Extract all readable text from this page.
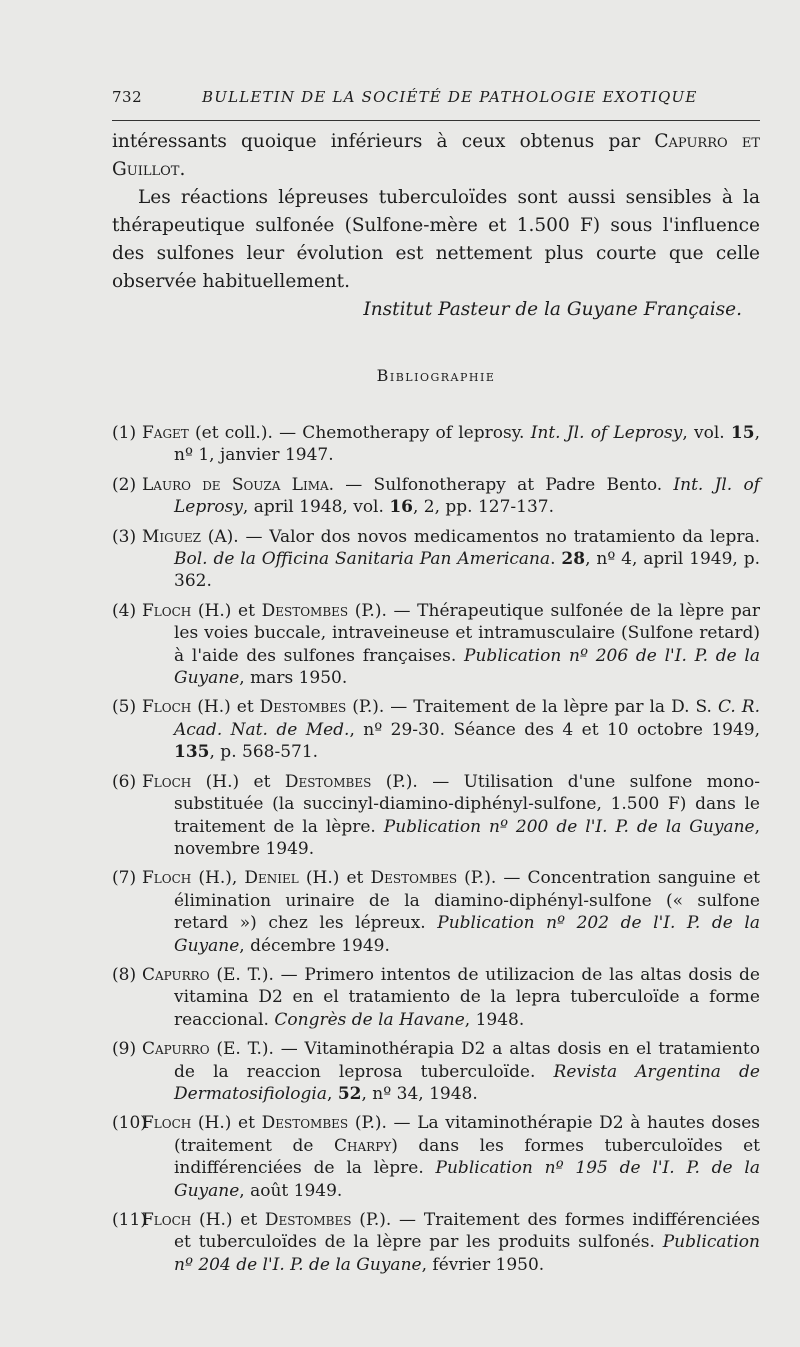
732	BULLETIN DE LA SOCIÉTÉ DE PATHOLOGIE EXOTIQUE

intéressants quoique inférieurs à ceux obtenus par Capurro et Guillot.

Les réactions lépreuses tuberculoïdes sont aussi sensibles à la thérapeutique sulfonée (Sulfone-mère et 1.500 F) sous l'influence des sulfones leur évolution est nettement plus courte que celle observée habituellement.

Institut Pasteur de la Guyane Française.

Bibliographie
(1) Faget (et coll.). — Chemotherapy of leprosy. Int. Jl. of Leprosy, vol. 15, nº 1, janvier 1947.
(2) Lauro de Souza Lima. — Sulfonotherapy at Padre Bento. Int. Jl. of Leprosy, april 1948, vol. 16, 2, pp. 127-137.
(3) Miguez (A). — Valor dos novos medicamentos no tratamiento da lepra. Bol. de la Officina Sanitaria Pan Americana. 28, nº 4, april 1949, p. 362.
(4) Floch (H.) et Destombes (P.). — Thérapeutique sulfonée de la lèpre par les voies buccale, intraveineuse et intramusculaire (Sulfone retard) à l'aide des sulfones françaises. Publication nº 206 de l'I. P. de la Guyane, mars 1950.
(5) Floch (H.) et Destombes (P.). — Traitement de la lèpre par la D. S. C. R. Acad. Nat. de Med., nº 29-30. Séance des 4 et 10 octobre 1949, 135, p. 568-571.
(6) Floch (H.) et Destombes (P.). — Utilisation d'une sulfone mono-substituée (la succinyl-diamino-diphényl-sulfone, 1.500 F) dans le traitement de la lèpre. Publication nº 200 de l'I. P. de la Guyane, novembre 1949.
(7) Floch (H.), Deniel (H.) et Destombes (P.). — Concentration sanguine et élimination urinaire de la diamino-diphényl-sulfone (« sulfone retard ») chez les lépreux. Publication nº 202 de l'I. P. de la Guyane, décembre 1949.
(8) Capurro (E. T.). — Primero intentos de utilizacion de las altas dosis de vitamina D2 en el tratamiento de la lepra tuberculoïde a forme reaccional. Congrès de la Havane, 1948.
(9) Capurro (E. T.). — Vitaminothérapia D2 a altas dosis en el tratamiento de la reaccion leprosa tuberculoïde. Revista Argentina de Dermatosifiologia, 52, nº 34, 1948.
(10)Floch (H.) et Destombes (P.). — La vitaminothérapie D2 à hautes doses (traitement de Charpy) dans les formes tuberculoïdes et indifférenciées de la lèpre. Publication nº 195 de l'I. P. de la Guyane, août 1949.
(11)Floch (H.) et Destombes (P.). — Traitement des formes indifférenciées et tuberculoïdes de la lèpre par les produits sulfonés. Publication nº 204 de l'I. P. de la Guyane, février 1950.
